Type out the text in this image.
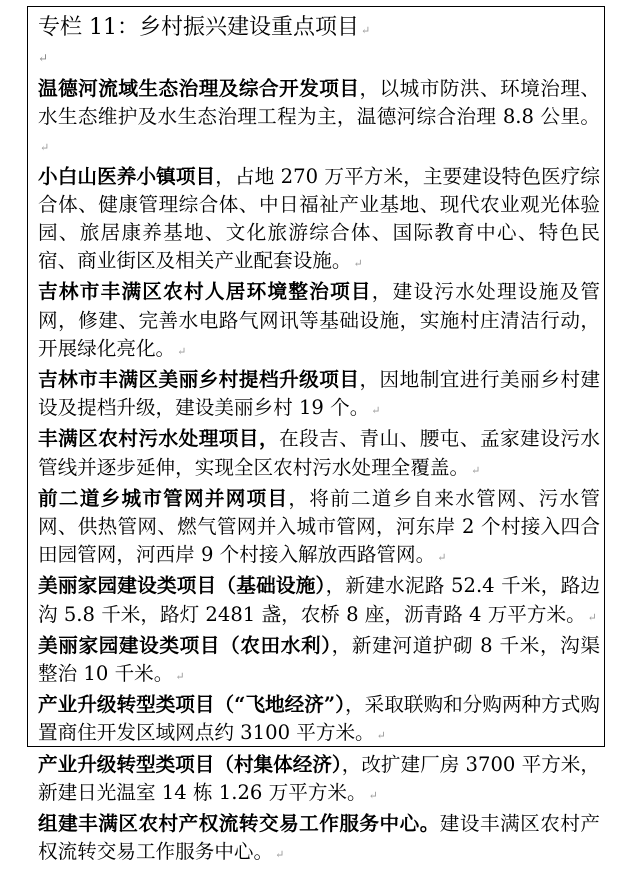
专栏 11：乡村振兴建设重点项目 ↵
↵

温德河流域生态治理及综合开发项目，以城市防洪、环境治理、水生态维护及水生态治理工程为主，温德河综合治理 8.8 公里。↵

小白山医养小镇项目，占地 270 万平方米，主要建设特色医疗综合体、健康管理综合体、中日福祉产业基地、现代农业观光体验园、旅居康养基地、文化旅游综合体、国际教育中心、特色民宿、商业街区及相关产业配套设施。 ↵

吉林市丰满区农村人居环境整治项目，建设污水处理设施及管网，修建、完善水电路气网讯等基础设施，实施村庄清洁行动，开展绿化亮化。 ↵

吉林市丰满区美丽乡村提档升级项目，因地制宜进行美丽乡村建设及提档升级，建设美丽乡村 19 个。 ↵

丰满区农村污水处理项目，在段吉、青山、腰屯、孟家建设污水管线并逐步延伸，实现全区农村污水处理全覆盖。 ↵

前二道乡城市管网并网项目，将前二道乡自来水管网、污水管网、供热管网、燃气管网并入城市管网，河东岸 2 个村接入四合田园管网，河西岸 9 个村接入解放西路管网。 ↵

美丽家园建设类项目（基础设施），新建水泥路 52.4 千米，路边沟 5.8 千米，路灯 2481 盏，农桥 8 座，沥青路 4 万平方米。 ↵

美丽家园建设类项目（农田水利），新建河道护砌 8 千米，沟渠整治 10 千米。 ↵

产业升级转型类项目（“飞地经济”），采取联购和分购两种方式购置商住开发区域网点约 3100 平方米。 ↵

产业升级转型类项目（村集体经济），改扩建厂房 3700 平方米，新建日光温室 14 栋 1.26 万平方米。 ↵

组建丰满区农村产权流转交易工作服务中心。建设丰满区农村产权流转交易工作服务中心。 ↵
